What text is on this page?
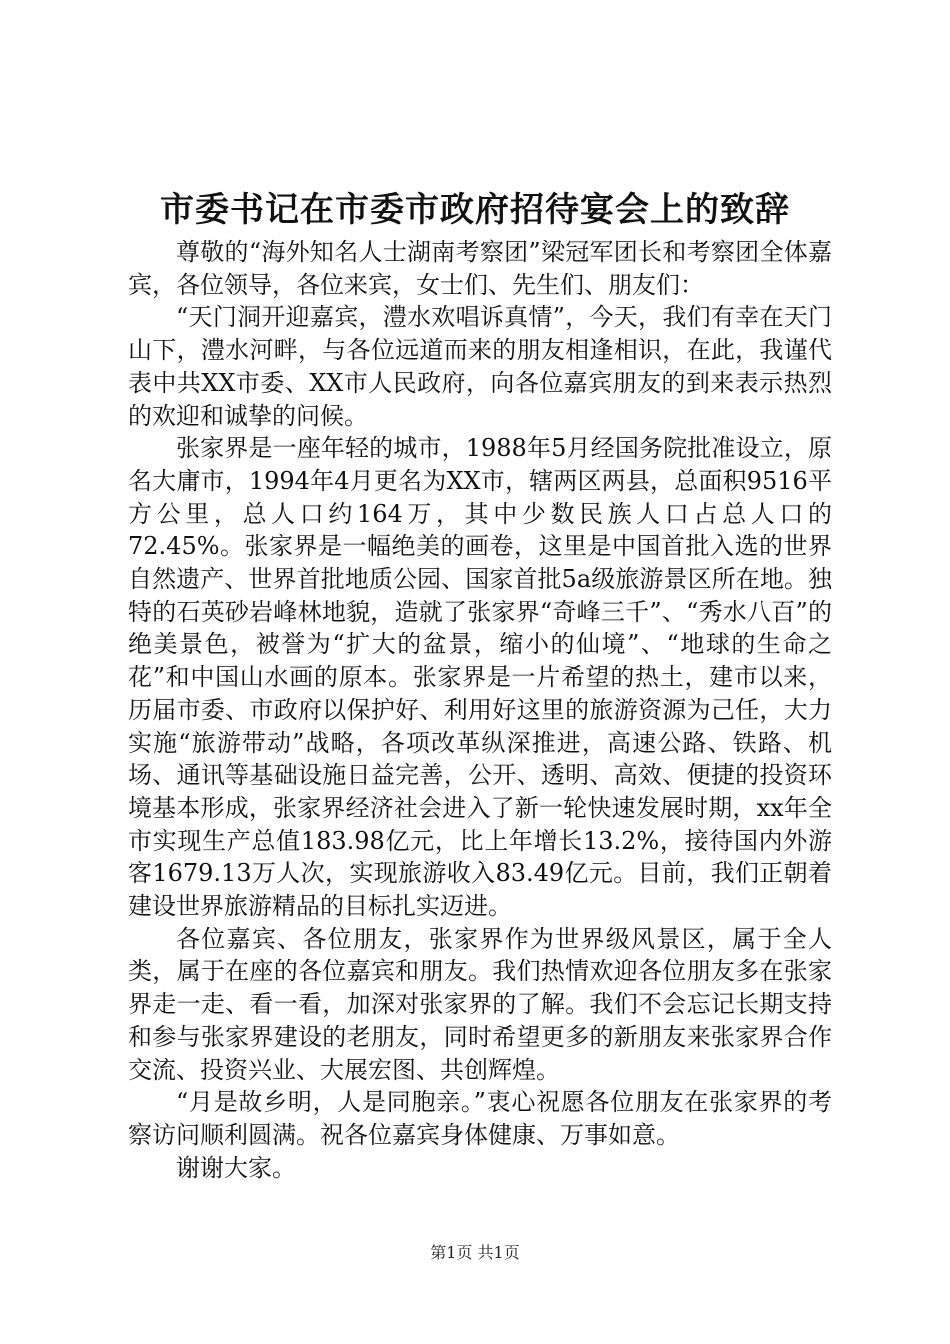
市委书记在市委市政府招待宴会上的致辞

尊敬的“海外知名人士湖南考察团”梁冠军团长和考察团全体嘉宾，各位领导，各位来宾，女士们、先生们、朋友们：

“天门洞开迎嘉宾，澧水欢唱诉真情”，今天，我们有幸在天门山下，澧水河畔，与各位远道而来的朋友相逢相识，在此，我谨代表中共XX市委、XX市人民政府，向各位嘉宾朋友的到来表示热烈的欢迎和诚挚的问候。

张家界是一座年轻的城市，1988年5月经国务院批准设立，原名大庸市，1994年4月更名为XX市，辖两区两县，总面积9516平方公里，总人口约164万，其中少数民族人口占总人口的72.45%。张家界是一幅绝美的画卷，这里是中国首批入选的世界自然遗产、世界首批地质公园、国家首批5a级旅游景区所在地。独特的石英砂岩峰林地貌，造就了张家界“奇峰三千”、“秀水八百”的绝美景色，被誉为“扩大的盆景，缩小的仙境”、“地球的生命之花”和中国山水画的原本。张家界是一片希望的热土，建市以来，历届市委、市政府以保护好、利用好这里的旅游资源为己任，大力实施“旅游带动”战略，各项改革纵深推进，高速公路、铁路、机场、通讯等基础设施日益完善，公开、透明、高效、便捷的投资环境基本形成，张家界经济社会进入了新一轮快速发展时期，xx年全市实现生产总值183.98亿元，比上年增长13.2%，接待国内外游客1679.13万人次，实现旅游收入83.49亿元。目前，我们正朝着建设世界旅游精品的目标扎实迈进。

各位嘉宾、各位朋友，张家界作为世界级风景区，属于全人类，属于在座的各位嘉宾和朋友。我们热情欢迎各位朋友多在张家界走一走、看一看，加深对张家界的了解。我们不会忘记长期支持和参与张家界建设的老朋友，同时希望更多的新朋友来张家界合作交流、投资兴业、大展宏图、共创辉煌。

“月是故乡明，人是同胞亲。”衷心祝愿各位朋友在张家界的考察访问顺利圆满。祝各位嘉宾身体健康、万事如意。

谢谢大家。

第1页 共1页
